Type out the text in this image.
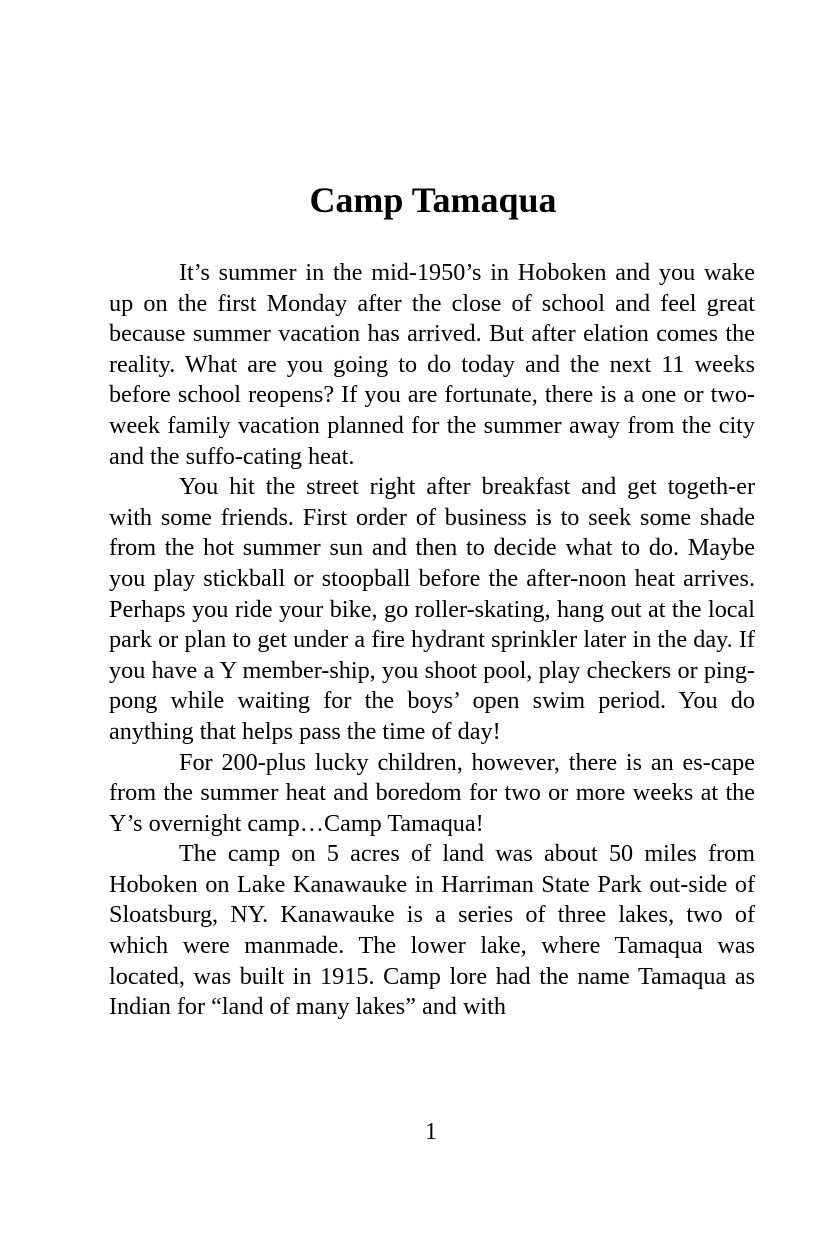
Camp Tamaqua

It’s summer in the mid-1950’s in Hoboken and you wake up on the first Monday after the close of school and feel great because summer vacation has arrived. But after elation comes the reality. What are you going to do today and the next 11 weeks before school reopens? If you are fortunate, there is a one or two-week family vacation planned for the summer away from the city and the suffo-cating heat.

You hit the street right after breakfast and get togeth-er with some friends. First order of business is to seek some shade from the hot summer sun and then to decide what to do. Maybe you play stickball or stoopball before the after-noon heat arrives. Perhaps you ride your bike, go roller-skating, hang out at the local park or plan to get under a fire hydrant sprinkler later in the day. If you have a Y member-ship, you shoot pool, play checkers or ping-pong while waiting for the boys’ open swim period. You do anything that helps pass the time of day!

For 200-plus lucky children, however, there is an es-cape from the summer heat and boredom for two or more weeks at the Y’s overnight camp…Camp Tamaqua!

The camp on 5 acres of land was about 50 miles from Hoboken on Lake Kanawauke in Harriman State Park out-side of Sloatsburg, NY. Kanawauke is a series of three lakes, two of which were manmade. The lower lake, where Tamaqua was located, was built in 1915. Camp lore had the name Tamaqua as Indian for “land of many lakes” and with

1
